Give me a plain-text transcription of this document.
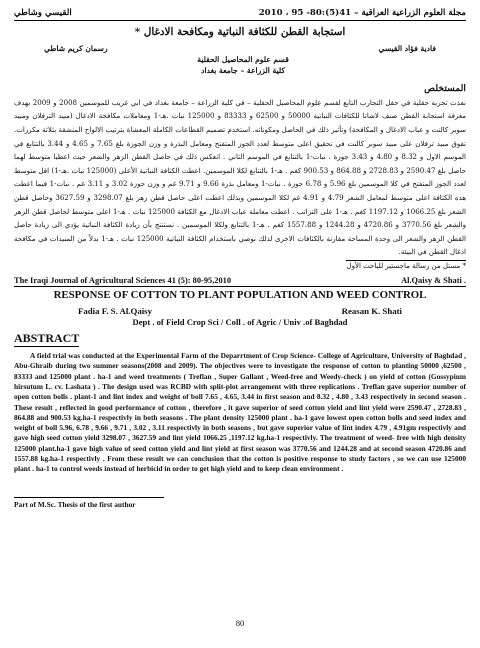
مجلة العلوم الزراعية العراقية – 41(5):80- 95 ، 2010
القيسي وشاطي
استجابة القطن للكثافة النباتية ومكافحة الادغال *
فادية فؤاد القيسي
قسم علوم المحاصيل الحقلية
كلية الزراعة – جامعة بغداد
رسمان كريم شاطي
المستخلص
نفذت تجربة حقلية في حقل التجارب التابع لقسم علوم المحاصيل الحقلية – في كلية الزراعة – جامعة بغداد في ابي غريب للموسمين 2008 و 2009 بهدف معرفة استجابة القطن صنف لاشاتا للكثافات النباتية 50000 و 62500 و 83333 و 125000 نبات .هـ-1 ومعاملات مكافحة الادغال (مبيد الترفلان ومبيد سوبر كالنت و عباب الادغال و المكافحة) وتأثير ذلك في الحاصل ومكوناته. استخدم تصميم القطاعات الكاملة المعشاة بترتيب الالواح المنشقة بثلاثة مكررات. تفوق مبيد ترفلان على مبيد سوبر كالنت في تحقيق اعلى متوسط لعدد الجوز المتفتح ومعامل البذرة و وزن الجوزة بلغ 7.65 و 4.65 و 3.44 بالتتابع في الموسم الاول و 8.32 و 4.80 و 3.43 جوزة . نبات-1 بالتتابع في الموسم الثاني . انعكس ذلك في حاصل القطن الزهر والشعر حيث اعطيا متوسط لهما حاصل بلغ 2590.47 و 2728.83 و 864.88 و 900.53 كغم . هـ-1 بالتتابع لكلا الموسمين. اعطت الكثافة النباتية الأعلى (125000 نبات .هـ-1) اقل متوسط لعدد الجوز المتفتح في كلا الموسمين بلغ 5.96 و 6.78 جوزة . نبات-1 ومعامل بذرة 9.66 و 9.71 غم و وزن جوزة 3.02 و 3.11 غم . نبات-1 فيما اعطت هذه الكثافة اعلى متوسط لمعامل الشعر 4.79 و 4.91 غم لكلا الموسمين وبذلك اعطت اعلى حاصل قطن زهر بلغ 3298.07 و 3627.59 وحاصل قطن الشعر بلغ 1066.25 و 1197.12 كغم . هـ-1 على التراتب . اعطت معاملة عباب الادغال مع الكثافة 125000 نبات . هـ-1 اعلى متوسط لحاصل قطن الزهر والشعر بلغ 3770.56 و 4720.86 و 1244.28 و 1557.88 كغم . هـ-1 بالتتابع ولكلا الموسمين . نستنتج بأن زيادة الكثافة النباتية يؤدي الى زيادة حاصل القطن الزهر والشعر الى وحدة المساحة مقارنة بالكثافات الاخرى لذلك نوصي باستخدام الكثافة النباتية 125000 نبات . هـ-1 بدلاً من المبيدات في مكافحة ادغال القطن في البيئة.
* مستل من رسالة ماجستير للباحث الأول
The Iraqi Journal of Agricultural Sciences 41 (5): 80-95,2010	Al.Qaisy & Shati .
RESPONSE OF COTTON TO PLANT POPULATION AND WEED CONTROL
Fadia F. S. Al.Qaisy	Reasan K. Shati
Dept . of Field Crop Sci / Coll . of Agric / Univ .of Baghdad
ABSTRACT
A field trial was conducted at the Experimental Farm of the Deparrtment of Crop Science- College of Agriculture, University of Baghdad , Abu-Ghraib during two summer seasons(2008 and 2009). The objectives were to investigate the response of cotton to planting 50000 ,62500 , 83333 and 125000 plant . ha-1 and weed treatments ( Treflan , Super Gallant , Weed-free and Weedy-check ) on yield of cotton (Gossypium hirsutum L. cv. Lashata ) . The design used was RCBD with split-plot arrangement with three replications . Treflan gave superior number of open cotton bolls . plant-1 and lint index and weight of boll 7.65 , 4.65, 3.44 in first season and 8.32 , 4.80 , 3.43 respectively in second season . These result , reflected in good performance of cotton , therefore , it gave superior of seed cotton yield and lint yield were 2590.47 , 2728.83 , 864.88 and 900.53 kg.ha-1 respectivly in both seasons . The plant density 125000 plant . ha-1 gave lowest open cotton bolls and seed index and weight of boll 5.96, 6.78 , 9.66 , 9.71 , 3.02 , 3.11 respectivly in both seasons , but gave superior value of lint index 4.79 , 4.91gm respectivly and gave high seed cotton yield 3298.07 , 3627.59 and lint yield 1066.25 ,1197.12 kg.ha-1 respectivly. The treatment of weed- free with high density 125000 plant.ha-1 gave high value of seed cotton yield and lint yield at first season was 3770.56 and 1244.28 and at second season 4720.86 and 1557.88 kg.ha-1 respectivly . From these result we can conclusion that the cotton is positive response to study factors , so we can use 125000 plant . ha-1 to control weeds instead of herbicid in order to get high yield and to keep clean environment .
Part of M.Sc. Thesis of the first author
80
